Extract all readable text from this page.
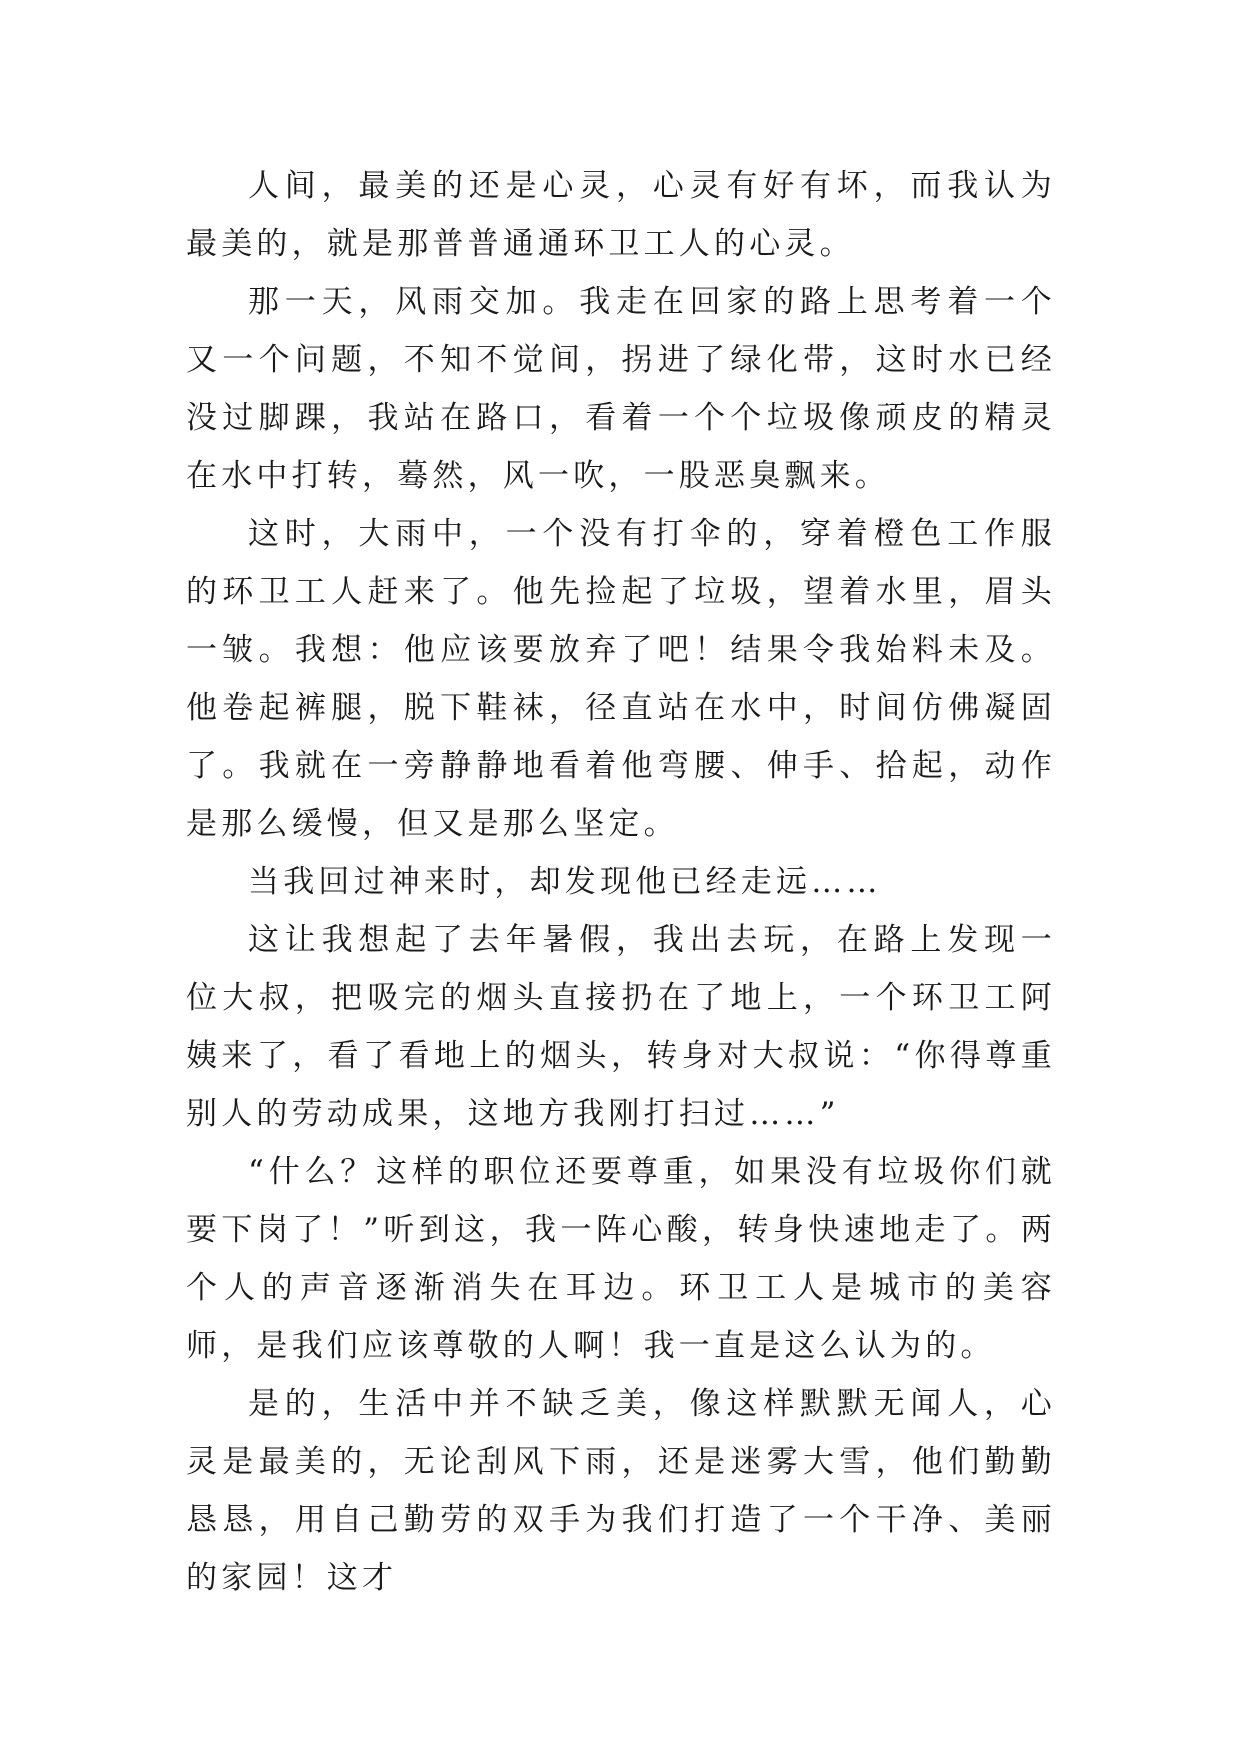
人间，最美的还是心灵，心灵有好有坏，而我认为最美的，就是那普普通通环卫工人的心灵。

那一天，风雨交加。我走在回家的路上思考着一个又一个问题，不知不觉间，拐进了绿化带，这时水已经没过脚踝，我站在路口，看着一个个垃圾像顽皮的精灵在水中打转，蓦然，风一吹，一股恶臭飘来。

这时，大雨中，一个没有打伞的，穿着橙色工作服的环卫工人赶来了。他先捡起了垃圾，望着水里，眉头一皱。我想：他应该要放弃了吧！结果令我始料未及。他卷起裤腿，脱下鞋袜，径直站在水中，时间仿佛凝固了。我就在一旁静静地看着他弯腰、伸手、拾起，动作是那么缓慢，但又是那么坚定。

当我回过神来时，却发现他已经走远……

这让我想起了去年暑假，我出去玩，在路上发现一位大叔，把吸完的烟头直接扔在了地上，一个环卫工阿姨来了，看了看地上的烟头，转身对大叔说：“你得尊重别人的劳动成果，这地方我刚打扫过……”

“什么？这样的职位还要尊重，如果没有垃圾你们就要下岗了！”听到这，我一阵心酸，转身快速地走了。两个人的声音逐渐消失在耳边。环卫工人是城市的美容师，是我们应该尊敬的人啊！我一直是这么认为的。

是的，生活中并不缺乏美，像这样默默无闻人，心灵是最美的，无论刮风下雨，还是迷雾大雪，他们勤勤恳恳，用自己勤劳的双手为我们打造了一个干净、美丽的家园！这才
